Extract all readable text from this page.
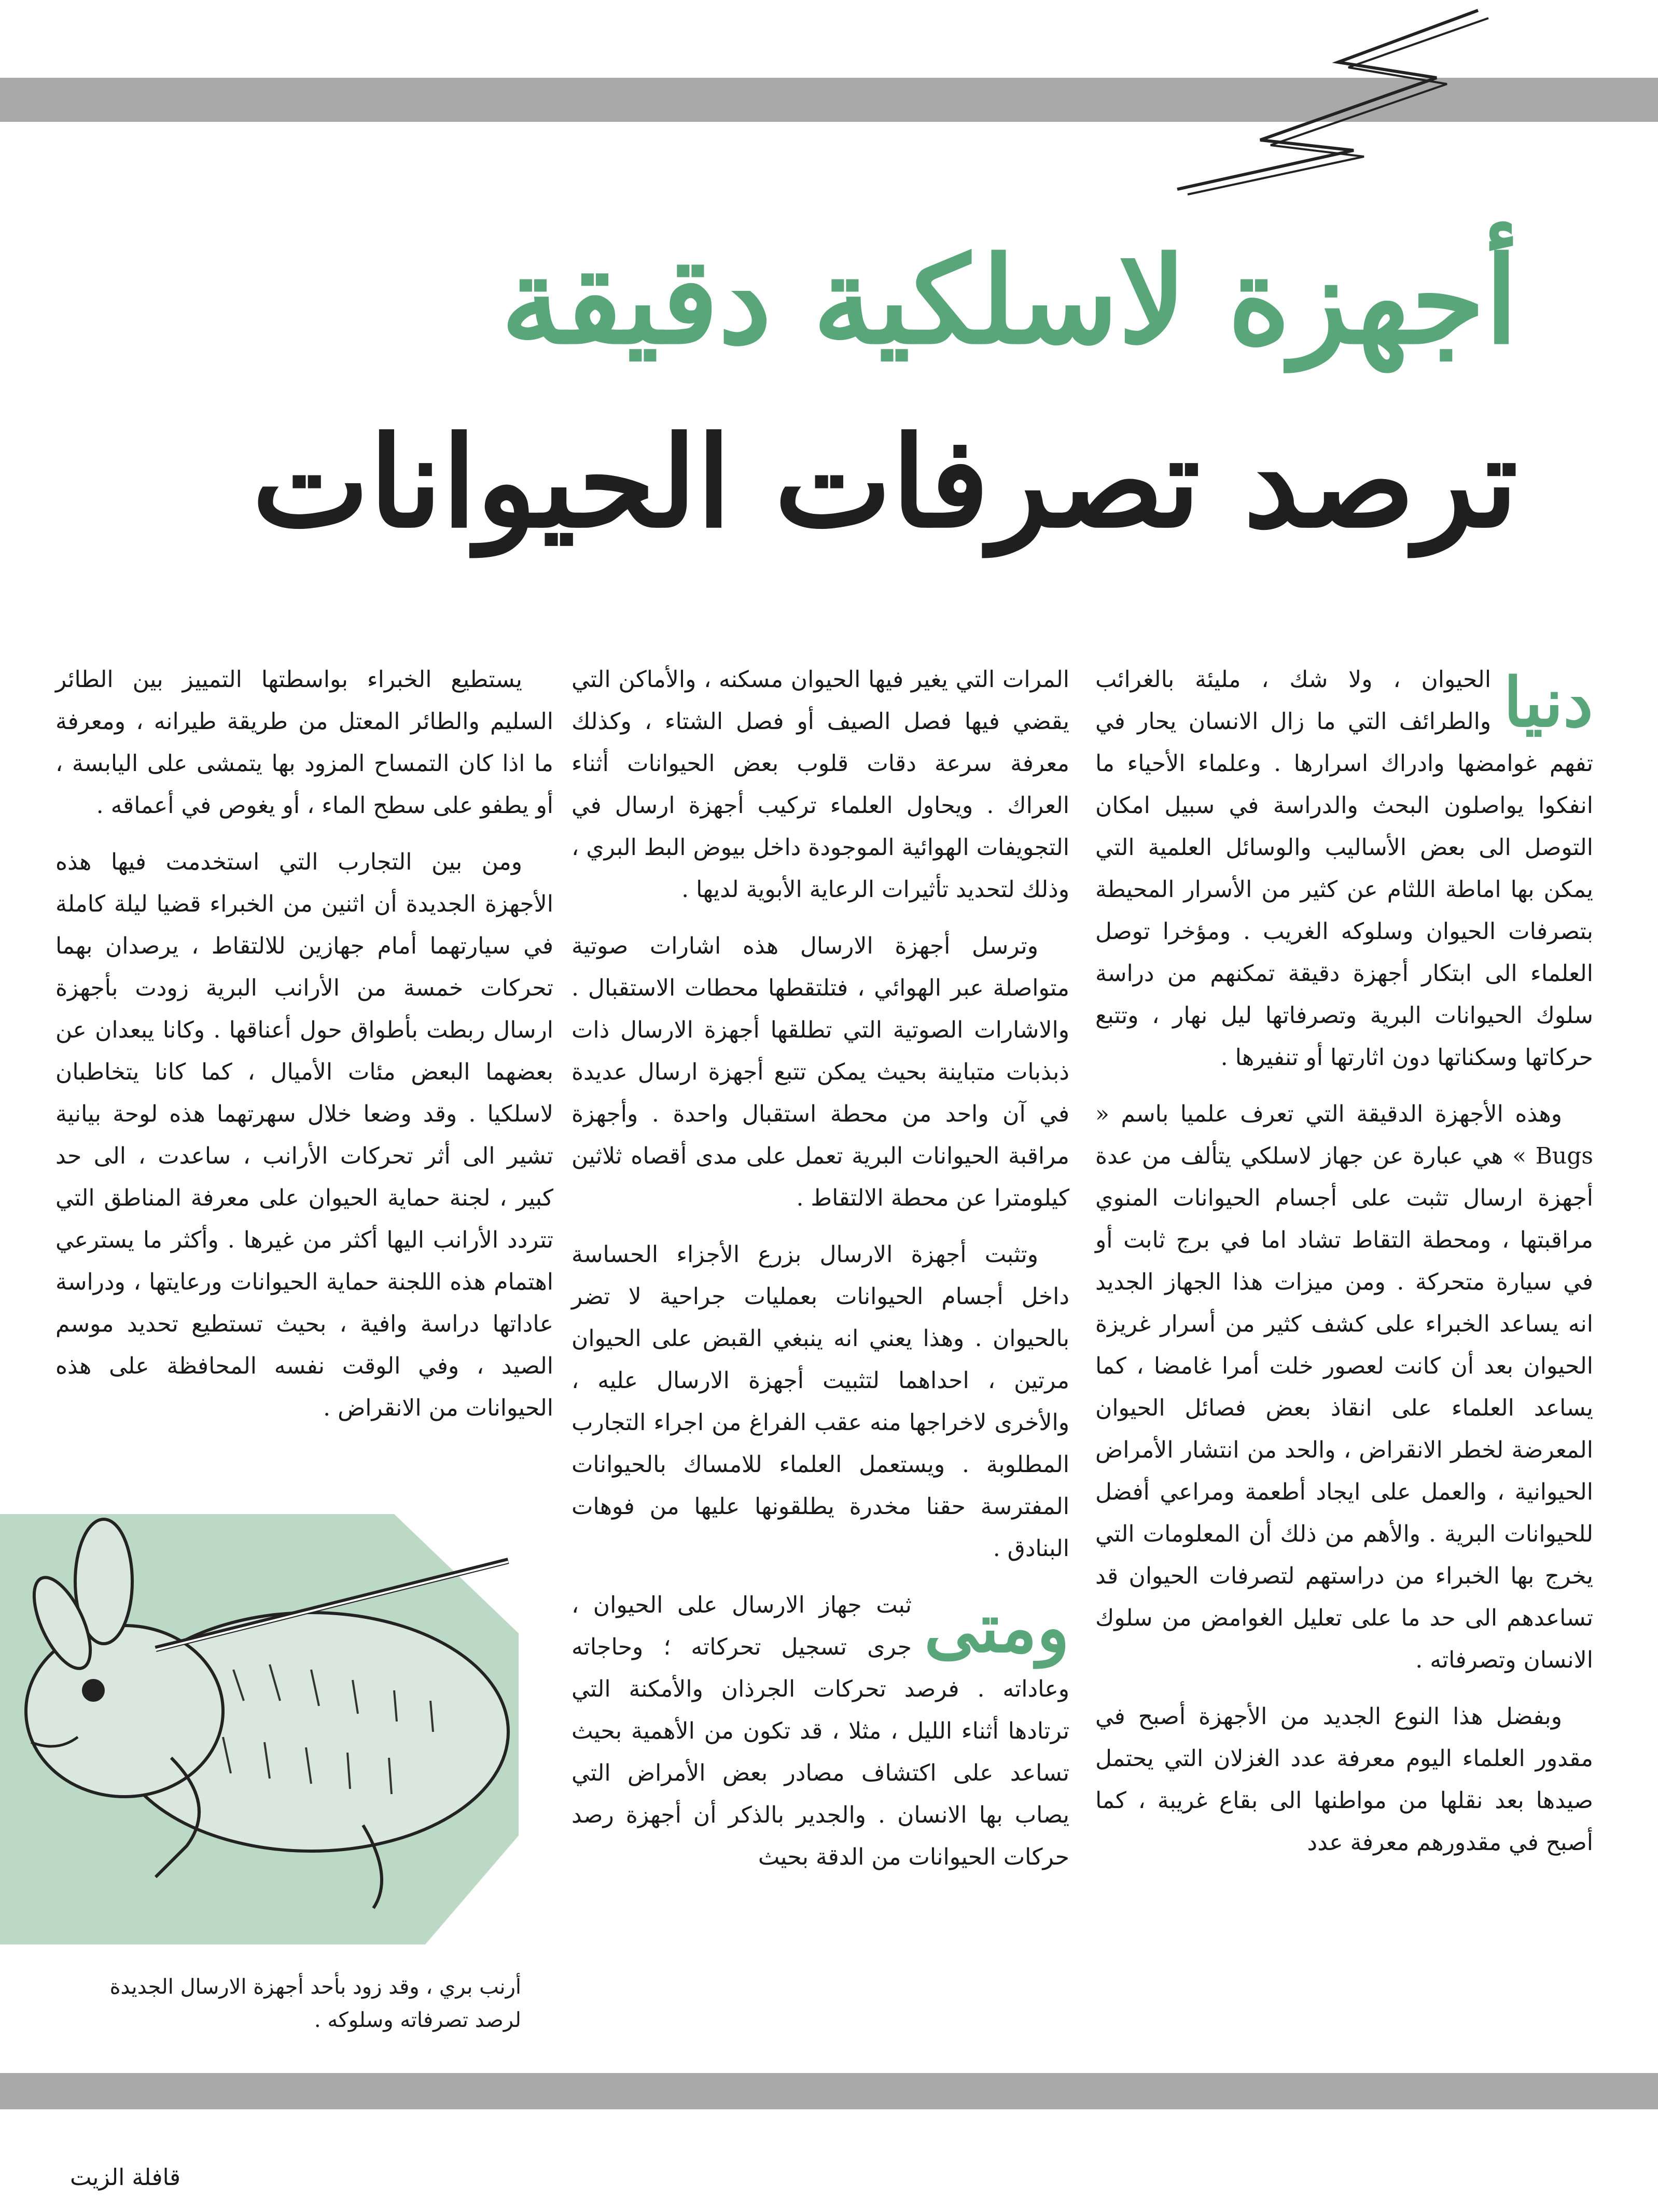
أجهزة لاسلكية دقيقة
ترصد تصرفات الحيوانات

دنيا
الحيوان ، ولا شك ، مليئة بالغرائب والطرائف التي ما زال الانسان يحار في تفهم غوامضها وادراك اسرارها . وعلماء الأحياء ما انفكوا يواصلون البحث والدراسة في سبيل امكان التوصل الى بعض الأساليب والوسائل العلمية التي يمكن بها اماطة اللثام عن كثير من الأسرار المحيطة بتصرفات الحيوان وسلوكه الغريب . ومؤخرا توصل العلماء الى ابتكار أجهزة دقيقة تمكنهم من دراسة سلوك الحيوانات البرية وتصرفاتها ليل نهار ، وتتبع حركاتها وسكناتها دون اثارتها أو تنفيرها .

وهذه الأجهزة الدقيقة التي تعرف علميا باسم « Bugs » هي عبارة عن جهاز لاسلكي يتألف من عدة أجهزة ارسال تثبت على أجسام الحيوانات المنوي مراقبتها ، ومحطة التقاط تشاد اما في برج ثابت أو في سيارة متحركة . ومن ميزات هذا الجهاز الجديد انه يساعد الخبراء على كشف كثير من أسرار غريزة الحيوان بعد أن كانت لعصور خلت أمرا غامضا ، كما يساعد العلماء على انقاذ بعض فصائل الحيوان المعرضة لخطر الانقراض ، والحد من انتشار الأمراض الحيوانية ، والعمل على ايجاد أطعمة ومراعي أفضل للحيوانات البرية . والأهم من ذلك أن المعلومات التي يخرج بها الخبراء من دراستهم لتصرفات الحيوان قد تساعدهم الى حد ما على تعليل الغوامض من سلوك الانسان وتصرفاته .

وبفضل هذا النوع الجديد من الأجهزة أصبح في مقدور العلماء اليوم معرفة عدد الغزلان التي يحتمل صيدها بعد نقلها من مواطنها الى بقاع غريبة ، كما أصبح في مقدورهم معرفة عدد

المرات التي يغير فيها الحيوان مسكنه ، والأماكن التي يقضي فيها فصل الصيف أو فصل الشتاء ، وكذلك معرفة سرعة دقات قلوب بعض الحيوانات أثناء العراك . ويحاول العلماء تركيب أجهزة ارسال في التجويفات الهوائية الموجودة داخل بيوض البط البري ، وذلك لتحديد تأثيرات الرعاية الأبوية لديها .

وترسل أجهزة الارسال هذه اشارات صوتية متواصلة عبر الهوائي ، فتلتقطها محطات الاستقبال . والاشارات الصوتية التي تطلقها أجهزة الارسال ذات ذبذبات متباينة بحيث يمكن تتبع أجهزة ارسال عديدة في آن واحد من محطة استقبال واحدة . وأجهزة مراقبة الحيوانات البرية تعمل على مدى أقصاه ثلاثين كيلومترا عن محطة الالتقاط .

وتثبت أجهزة الارسال بزرع الأجزاء الحساسة داخل أجسام الحيوانات بعمليات جراحية لا تضر بالحيوان . وهذا يعني انه ينبغي القبض على الحيوان مرتين ، احداهما لتثبيت أجهزة الارسال عليه ، والأخرى لاخراجها منه عقب الفراغ من اجراء التجارب المطلوبة . ويستعمل العلماء للامساك بالحيوانات المفترسة حقنا مخدرة يطلقونها عليها من فوهات البنادق .

ومتى
ثبت جهاز الارسال على الحيوان ، جرى تسجيل تحركاته ؛ وحاجاته وعاداته . فرصد تحركات الجرذان والأمكنة التي ترتادها أثناء الليل ، مثلا ، قد تكون من الأهمية بحيث تساعد على اكتشاف مصادر بعض الأمراض التي يصاب بها الانسان . والجدير بالذكر أن أجهزة رصد حركات الحيوانات من الدقة بحيث

يستطيع الخبراء بواسطتها التمييز بين الطائر السليم والطائر المعتل من طريقة طيرانه ، ومعرفة ما اذا كان التمساح المزود بها يتمشى على اليابسة ، أو يطفو على سطح الماء ، أو يغوص في أعماقه .

ومن بين التجارب التي استخدمت فيها هذه الأجهزة الجديدة أن اثنين من الخبراء قضيا ليلة كاملة في سيارتهما أمام جهازين للالتقاط ، يرصدان بهما تحركات خمسة من الأرانب البرية زودت بأجهزة ارسال ربطت بأطواق حول أعناقها . وكانا يبعدان عن بعضهما البعض مئات الأميال ، كما كانا يتخاطبان لاسلكيا . وقد وضعا خلال سهرتهما هذه لوحة بيانية تشير الى أثر تحركات الأرانب ، ساعدت ، الى حد كبير ، لجنة حماية الحيوان على معرفة المناطق التي تتردد الأرانب اليها أكثر من غيرها . وأكثر ما يسترعي اهتمام هذه اللجنة حماية الحيوانات ورعايتها ، ودراسة عاداتها دراسة وافية ، بحيث تستطيع تحديد موسم الصيد ، وفي الوقت نفسه المحافظة على هذه الحيوانات من الانقراض .

أرنب بري ، وقد زود بأحد أجهزة الارسال الجديدة لرصد تصرفاته وسلوكه .
قافلة الزيت
